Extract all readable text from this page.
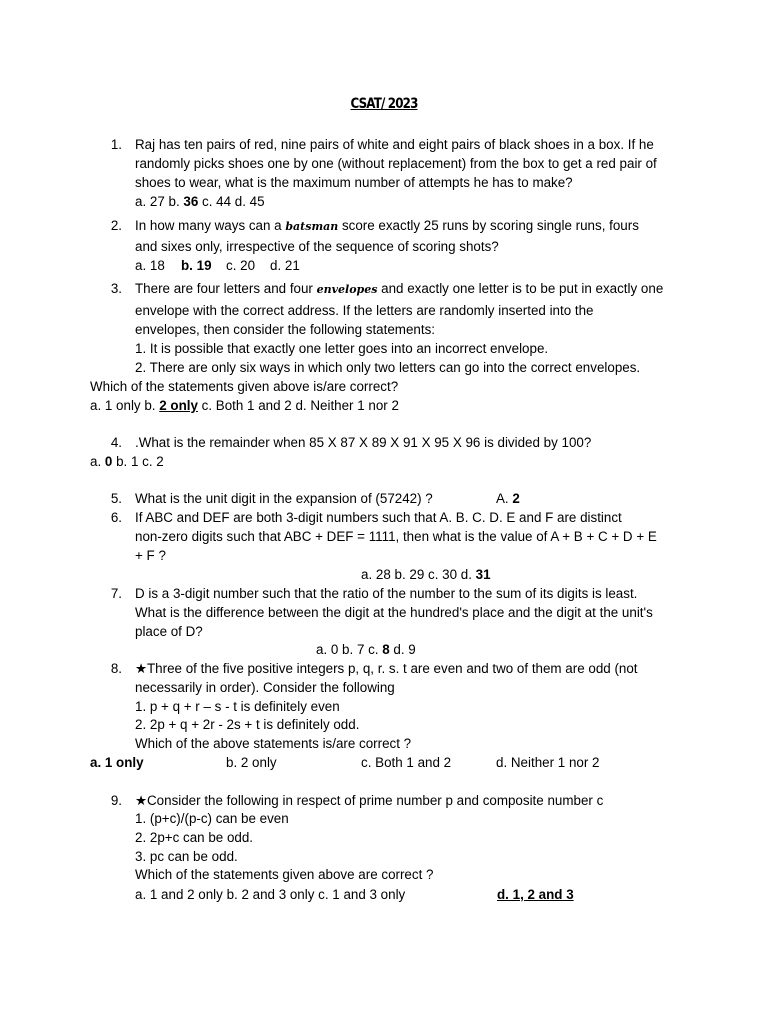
CSAT/ 2023
1. Raj has ten pairs of red, nine pairs of white and eight pairs of black shoes in a box. If he
randomly picks shoes one by one (without replacement) from the box to get a red pair of
shoes to wear, what is the maximum number of attempts he has to make?
a. 27 b. 36 c. 44 d. 45
2. In how many ways can a batsman score exactly 25 runs by scoring single runs, fours
and sixes only, irrespective of the sequence of scoring shots?
a. 18 b. 19 c. 20 d. 21
3. There are four letters and four envelopes and exactly one letter is to be put in exactly one
envelope with the correct address. If the letters are randomly inserted into the
envelopes, then consider the following statements:
1. It is possible that exactly one letter goes into an incorrect envelope.
2. There are only six ways in which only two letters can go into the correct envelopes.
Which of the statements given above is/are correct?
a. 1 only b. 2 only c. Both 1 and 2 d. Neither 1 nor 2
4. .What is the remainder when 85 X 87 X 89 X 91 X 95 X 96 is divided by 100?
a. 0 b. 1 c. 2
5. What is the unit digit in the expansion of (57242) ?	A. 2
6. If ABC and DEF are both 3-digit numbers such that A. B. C. D. E and F are distinct
non-zero digits such that ABC + DEF = 1111, then what is the value of A + B + C + D + E
+ F ?
a. 28 b. 29 c. 30 d. 31
7. D is a 3-digit number such that the ratio of the number to the sum of its digits is least.
What is the difference between the digit at the hundred's place and the digit at the unit's
place of D?
a. 0 b. 7 c. 8 d. 9
8. ★Three of the five positive integers p, q, r. s. t are even and two of them are odd (not
necessarily in order). Consider the following
1. p + q + r – s - t is definitely even
2. 2p + q + 2r - 2s + t is definitely odd.
Which of the above statements is/are correct ?
a. 1 only	b. 2 only	c. Both 1 and 2	d. Neither 1 nor 2
9. ★Consider the following in respect of prime number p and composite number c
1. (p+c)/(p-c) can be even
2. 2p+c can be odd.
3. pc can be odd.
Which of the statements given above are correct ?
a. 1 and 2 only b. 2 and 3 only c. 1 and 3 only	d. 1, 2 and 3
